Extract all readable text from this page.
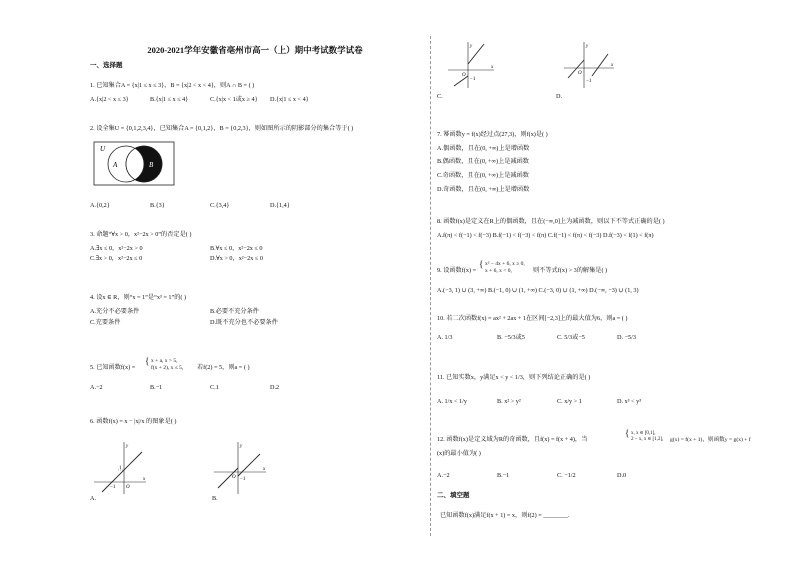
2020-2021学年安徽省亳州市高一（上）期中考试数学试卷
一、选择题
1. 已知集合A = {x|1 ≤ x ≤ 3}，B = {x|2 < x < 4}，则A ∩ B = ( )
A.{x|2 < x ≤ 3}	B.{x|1 ≤ x ≤ 4}	C.{x|x < 1或x ≥ 4} D.{x|1 ≤ x < 4}
2. 设全集U = {0,1,2,3,4}，已知集合A = {0,1,2}，B = {0,2,3}，则如图所示的阴影部分的集合等于( )
U
A	B
A.{0,2}	B.{3}	C.{3,4}	D.{1,4}
3. 命题“∀x > 0，x²−2x > 0”的否定是( )
A.∃x ≤ 0，x²−2x > 0	B.∀x ≤ 0，x²−2x ≤ 0
C.∃x > 0，x²−2x ≤ 0	D.∀x > 0，x²−2x ≤ 0
4. 设x ∈ R，则“x = 1”是“x³ = 1”的( )
A.充分不必要条件	B.必要不充分条件
C.充要条件	D.既不充分也不必要条件
5. 已知函数f(x) =
{ x + a, x > 5,
f(x + 2), x ≤ 5, 若f(2) = 5，则a = ( )
A.−2	B.−1	C.1	D.2
6. 函数f(x) = x − |x|/x 的图象是( )
x
y
O
1
−1
A.
x
y
O −1
B.
x
y
O
−1
C.
x
y
O
−1
D.
7. 幂函数y = f(x)经过点(27,3)，则f(x)是( )
A.偶函数，且在(0, +∞)上是增函数
B.偶函数，且在(0, +∞)上是减函数
C.奇函数，且在(0, +∞)上是减函数
D.奇函数，且在(0, +∞)上是增函数
8. 函数f(x)是定义在R上的偶函数，且在(−∞,0]上为减函数，则以下不等式正确的是( )
A.f(π) < f(−1) < f(−3) B.f(−1) < f(−3) < f(π) C.f(−1) < f(π) < f(−3) D.f(−3) < f(1) < f(π)
9. 设函数f(x) =
{ x² − 4x + 6, x ≥ 0,
x + 6, x < 0,	则不等式f(x) > 3的解集是( )
A.(−3, 1) ∪ (3, +∞) B.(−1, 0) ∪ (1, +∞) C.(−3, 0) ∪ (1, +∞) D.(−∞, −3) ∪ (1, 3)
10. 若二次函数f(x) = ax² + 2ax + 1在区间[−2,3]上的最大值为6，则a = ( )
A. 1/3	B. −5/3或5	C. 5/3或−5	D. −5/3
11. 已知实数x，y满足x < y < 1/3，则下列结论正确的是( )
A. 1/x < 1/y	B. x² > y²	C. x/y > 1	D. x³ < y³
12. 函数f(x)是定义域为R的奇函数，且f(x) = f(x + 4)，当
{ x, x ∈ [0,1],
2 − x, x ∈ [1,2], g(x) = f(x + 1)，则函数y = g(x) + f
(x)的最小值为( )
A.−2	B.−1	C. −1/2	D.0
二、填空题
已知函数f(x)满足f(x + 1) = x，则f(2) = ________.
